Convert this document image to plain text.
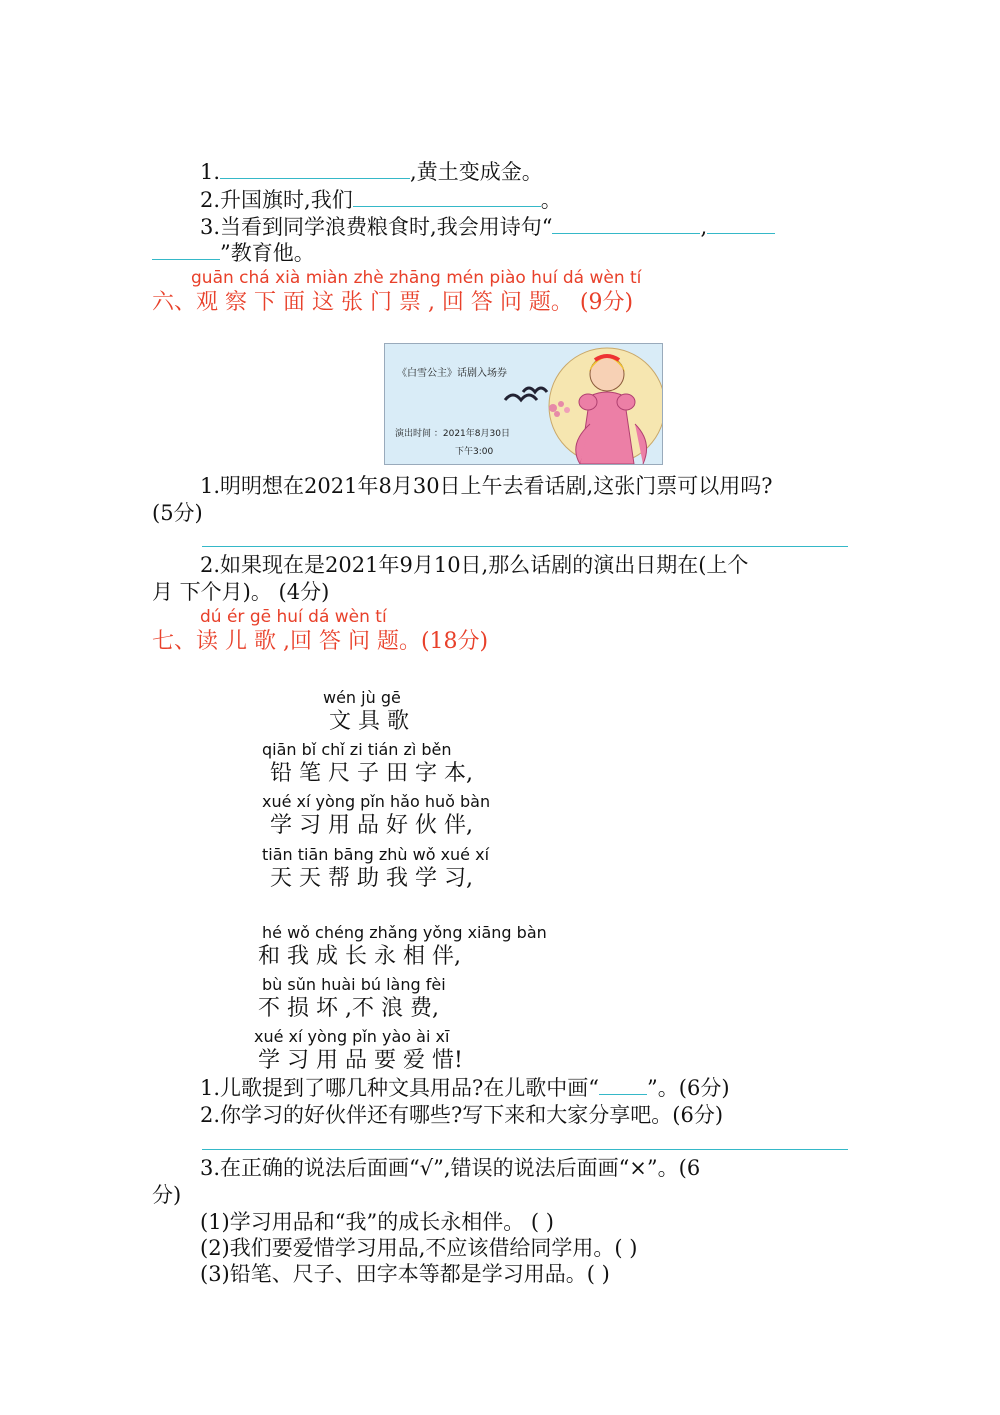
1.	,黄土变成金。
2.升国旗时,我们	。
3.当看到同学浪费粮食时,我会用诗句“	,
”教育他。
guān chá xià miàn zhè zhāng mén piào huí dá wèn tí
六、观 察 下 面 这 张 门 票 , 回 答 问 题。 (9分)
《白雪公主》话剧入场券
演出时间 ：2021年8月30日
下午3:00
1.明明想在2021年8月30日上午去看话剧,这张门票可以用吗?
(5分)
2.如果现在是2021年9月10日,那么话剧的演出日期在(上个
月 下个月)。 (4分)
dú ér gē huí dá wèn tí
七、读 儿 歌 ,回 答 问 题。(18分)
wén jù gē
文 具 歌
qiān bǐ chǐ zi tián zì běn
铅 笔 尺 子 田 字 本,
xué xí yòng pǐn hǎo huǒ bàn
学 习 用 品 好 伙 伴,
tiān tiān bāng zhù wǒ xué xí
天 天 帮 助 我 学 习,
hé wǒ chéng zhǎng yǒng xiāng bàn
和 我 成 长 永 相 伴,
bù sǔn huài bú làng fèi
不 损 坏 ,不 浪 费,
xué xí yòng pǐn yào ài xī
学 习 用 品 要 爱 惜!
1.儿歌提到了哪几种文具用品?在儿歌中画“ ”。(6分)
2.你学习的好伙伴还有哪些?写下来和大家分享吧。(6分)
3.在正确的说法后面画“√”,错误的说法后面画“×”。(6
分)
(1)学习用品和“我”的成长永相伴。 ( )
(2)我们要爱惜学习用品,不应该借给同学用。( )
(3)铅笔、尺子、田字本等都是学习用品。( )
